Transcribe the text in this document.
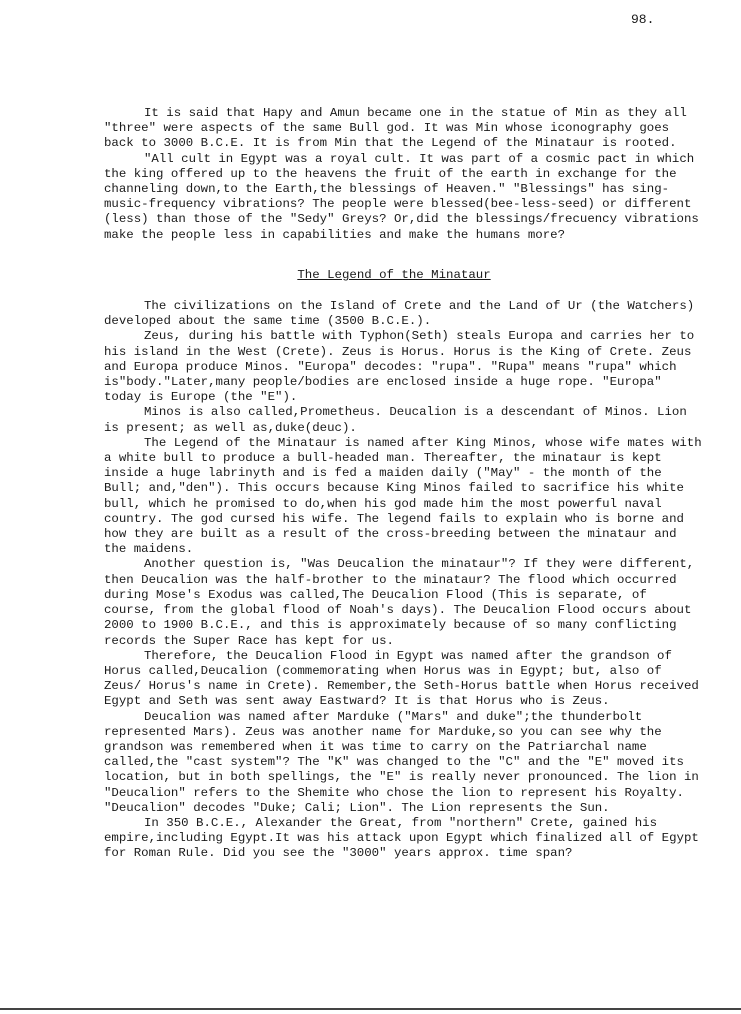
98.

It is said that Hapy and Amun became one in the statue of Min as they all "three" were aspects of the same Bull god. It was Min whose iconography goes back to 3000 B.C.E. It is from Min that the Legend of the Minataur is rooted.

"All cult in Egypt was a royal cult. It was part of a cosmic pact in which the king offered up to the heavens the fruit of the earth in exchange for the channeling down,to the Earth,the blessings of Heaven." "Blessings" has sing-music-frequency vibrations? The people were blessed(bee-less-seed) or different (less) than those of the "Sedy" Greys? Or,did the blessings/frecuency vibrations make the people less in capabilities and make the humans more?

The Legend of the Minataur

The civilizations on the Island of Crete and the Land of Ur (the Watchers) developed about the same time (3500 B.C.E.).

Zeus, during his battle with Typhon(Seth) steals Europa and carries her to his island in the West (Crete). Zeus is Horus. Horus is the King of Crete. Zeus and Europa produce Minos. "Europa" decodes: "rupa". "Rupa" means "rupa" which is"body."Later,many people/bodies are enclosed inside a huge rope. "Europa" today is Europe (the "E").

Minos is also called,Prometheus. Deucalion is a descendant of Minos. Lion is present; as well as,duke(deuc).

The Legend of the Minataur is named after King Minos, whose wife mates with a white bull to produce a bull-headed man. Thereafter, the minataur is kept inside a huge labrinyth and is fed a maiden daily ("May" - the month of the Bull; and,"den"). This occurs because King Minos failed to sacrifice his white bull, which he promised to do,when his god made him the most powerful naval country. The god cursed his wife. The legend fails to explain who is borne and how they are built as a result of the cross-breeding between the minataur and the maidens.

Another question is, "Was Deucalion the minataur"? If they were different, then Deucalion was the half-brother to the minataur? The flood which occurred during Mose's Exodus was called,The Deucalion Flood (This is separate, of course, from the global flood of Noah's days). The Deucalion Flood occurs about 2000 to 1900 B.C.E., and this is approximately because of so many conflicting records the Super Race has kept for us.

Therefore, the Deucalion Flood in Egypt was named after the grandson of Horus called,Deucalion (commemorating when Horus was in Egypt; but, also of Zeus/ Horus's name in Crete). Remember,the Seth-Horus battle when Horus received Egypt and Seth was sent away Eastward? It is that Horus who is Zeus.

Deucalion was named after Marduke ("Mars" and duke";the thunderbolt represented Mars). Zeus was another name for Marduke,so you can see why the grandson was remembered when it was time to carry on the Patriarchal name called,the "cast system"? The "K" was changed to the "C" and the "E" moved its location, but in both spellings, the "E" is really never pronounced. The lion in "Deucalion" refers to the Shemite who chose the lion to represent his Royalty. "Deucalion" decodes "Duke; Cali; Lion". The Lion represents the Sun.

In 350 B.C.E., Alexander the Great, from "northern" Crete, gained his empire,including Egypt.It was his attack upon Egypt which finalized all of Egypt for Roman Rule. Did you see the "3000" years approx. time span?
